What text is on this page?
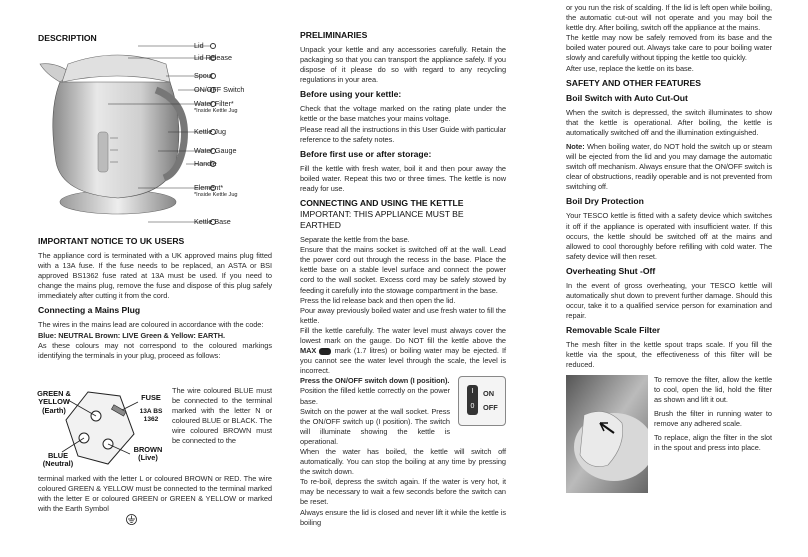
DESCRIPTION
Lid
Lid Release
Spout
ON/OFF Switch
Water Filter*
*Inside Kettle Jug
Kettle Jug
Water Gauge
Handle
Element*
*Inside Kettle Jug
Kettle Base
IMPORTANT NOTICE TO UK USERS

The appliance cord is terminated with a UK approved mains plug fitted with a 13A fuse. If the fuse needs to be replaced, an ASTA or BSI approved BS1362 fuse rated at 13A must be used. If you need to change the mains plug, remove the fuse and dispose of this plug safely immediately after cutting it from the cord.

Connecting a Mains Plug

The wires in the mains lead are coloured in accordance with the code:

Blue: NEUTRAL Brown: LIVE Green & Yellow: EARTH.

As these colours may not correspond to the coloured markings identifying the terminals in your plug, proceed as follows:

GREEN & YELLOW (Earth)
FUSE
13A BS 1362
BLUE (Neutral)
BROWN (Live)

The wire coloured BLUE must be connected to the terminal marked with the letter N or coloured BLUE or BLACK. The wire coloured BROWN must be connected to the

terminal marked with the letter L or coloured BROWN or RED. The wire coloured GREEN & YELLOW must be connected to the terminal marked with the letter E or coloured GREEN or GREEN & YELLOW or marked with the Earth Symbol

PRELIMINARIES

Unpack your kettle and any accessories carefully. Retain the packaging so that you can transport the appliance safely. If you dispose of it please do so with regard to any recycling regulations in your area.

Before using your kettle:

Check that the voltage marked on the rating plate under the kettle or the base matches your mains voltage.

Please read all the instructions in this User Guide with particular reference to the safety notes.

Before first use or after storage:

Fill the kettle with fresh water, boil it and then pour away the boiled water. Repeat this two or three times. The kettle is now ready for use.

CONNECTING AND USING THE KETTLE
IMPORTANT: THIS APPLIANCE MUST BE EARTHED

Separate the kettle from the base.

Ensure that the mains socket is switched off at the wall. Lead the power cord out through the recess in the base. Place the kettle base on a stable level surface and connect the power cord to the wall socket. Excess cord may be safely stowed by feeding it carefully into the stowage compartment in the base.

Press the lid release back and then open the lid.

Pour away previously boiled water and use fresh water to fill the kettle.

Fill the kettle carefully. The water level must always cover the lowest mark on the gauge. Do NOT fill the kettle above the MAX mark (1.7 litres) or boiling water may be ejected. If you cannot see the water level through the scale, the level is incorrect.

Press the ON/OFF switch down (I position).

Position the filled kettle correctly on the power base.

Switch on the power at the wall socket. Press the ON/OFF switch up (I position). The switch will illuminate showing the kettle is operational.

I
0
ON
OFF

When the water has boiled, the kettle will switch off automatically. You can stop the boiling at any time by pressing the switch down.

To re-boil, depress the switch again. If the water is very hot, it may be necessary to wait a few seconds before the switch can be reset.

Always ensure the lid is closed and never lift it while the kettle is boiling

or you run the risk of scalding. If the lid is left open while boiling, the automatic cut-out will not operate and you may boil the kettle dry. After boiling, switch off the appliance at the mains.

The kettle may now be safely removed from its base and the boiled water poured out. Always take care to pour boiling water slowly and carefully without tipping the kettle too quickly.

After use, replace the kettle on its base.

SAFETY AND OTHER FEATURES
Boil Switch with Auto Cut-Out

When the switch is depressed, the switch illuminates to show that the kettle is operational. After boiling, the kettle is automatically switched off and the illumination extinguished.

Note: When boiling water, do NOT hold the switch up or steam will be ejected from the lid and you may damage the automatic switch off mechanism. Always ensure that the ON/OFF switch is clear of obstructions, readily operable and is not prevented from switching off.

Boil Dry Protection

Your TESCO kettle is fitted with a safety device which switches it off if the appliance is operated with insufficient water. If this occurs, the kettle should be switched off at the mains and allowed to cool thoroughly before refilling with cold water. The safety device will then reset.

Overheating Shut -Off

In the event of gross overheating, your TESCO kettle will automatically shut down to prevent further damage. Should this occur, take it to a qualified service person for examination and repair.

Removable Scale Filter

The mesh filter in the kettle spout traps scale. If you fill the kettle via the spout, the effectiveness of this filter will be reduced.

To remove the filter, allow the kettle to cool, open the lid, hold the filter as shown and lift it out.

Brush the filter in running water to remove any adhered scale.

To replace, align the filter in the slot in the spout and press into place.
